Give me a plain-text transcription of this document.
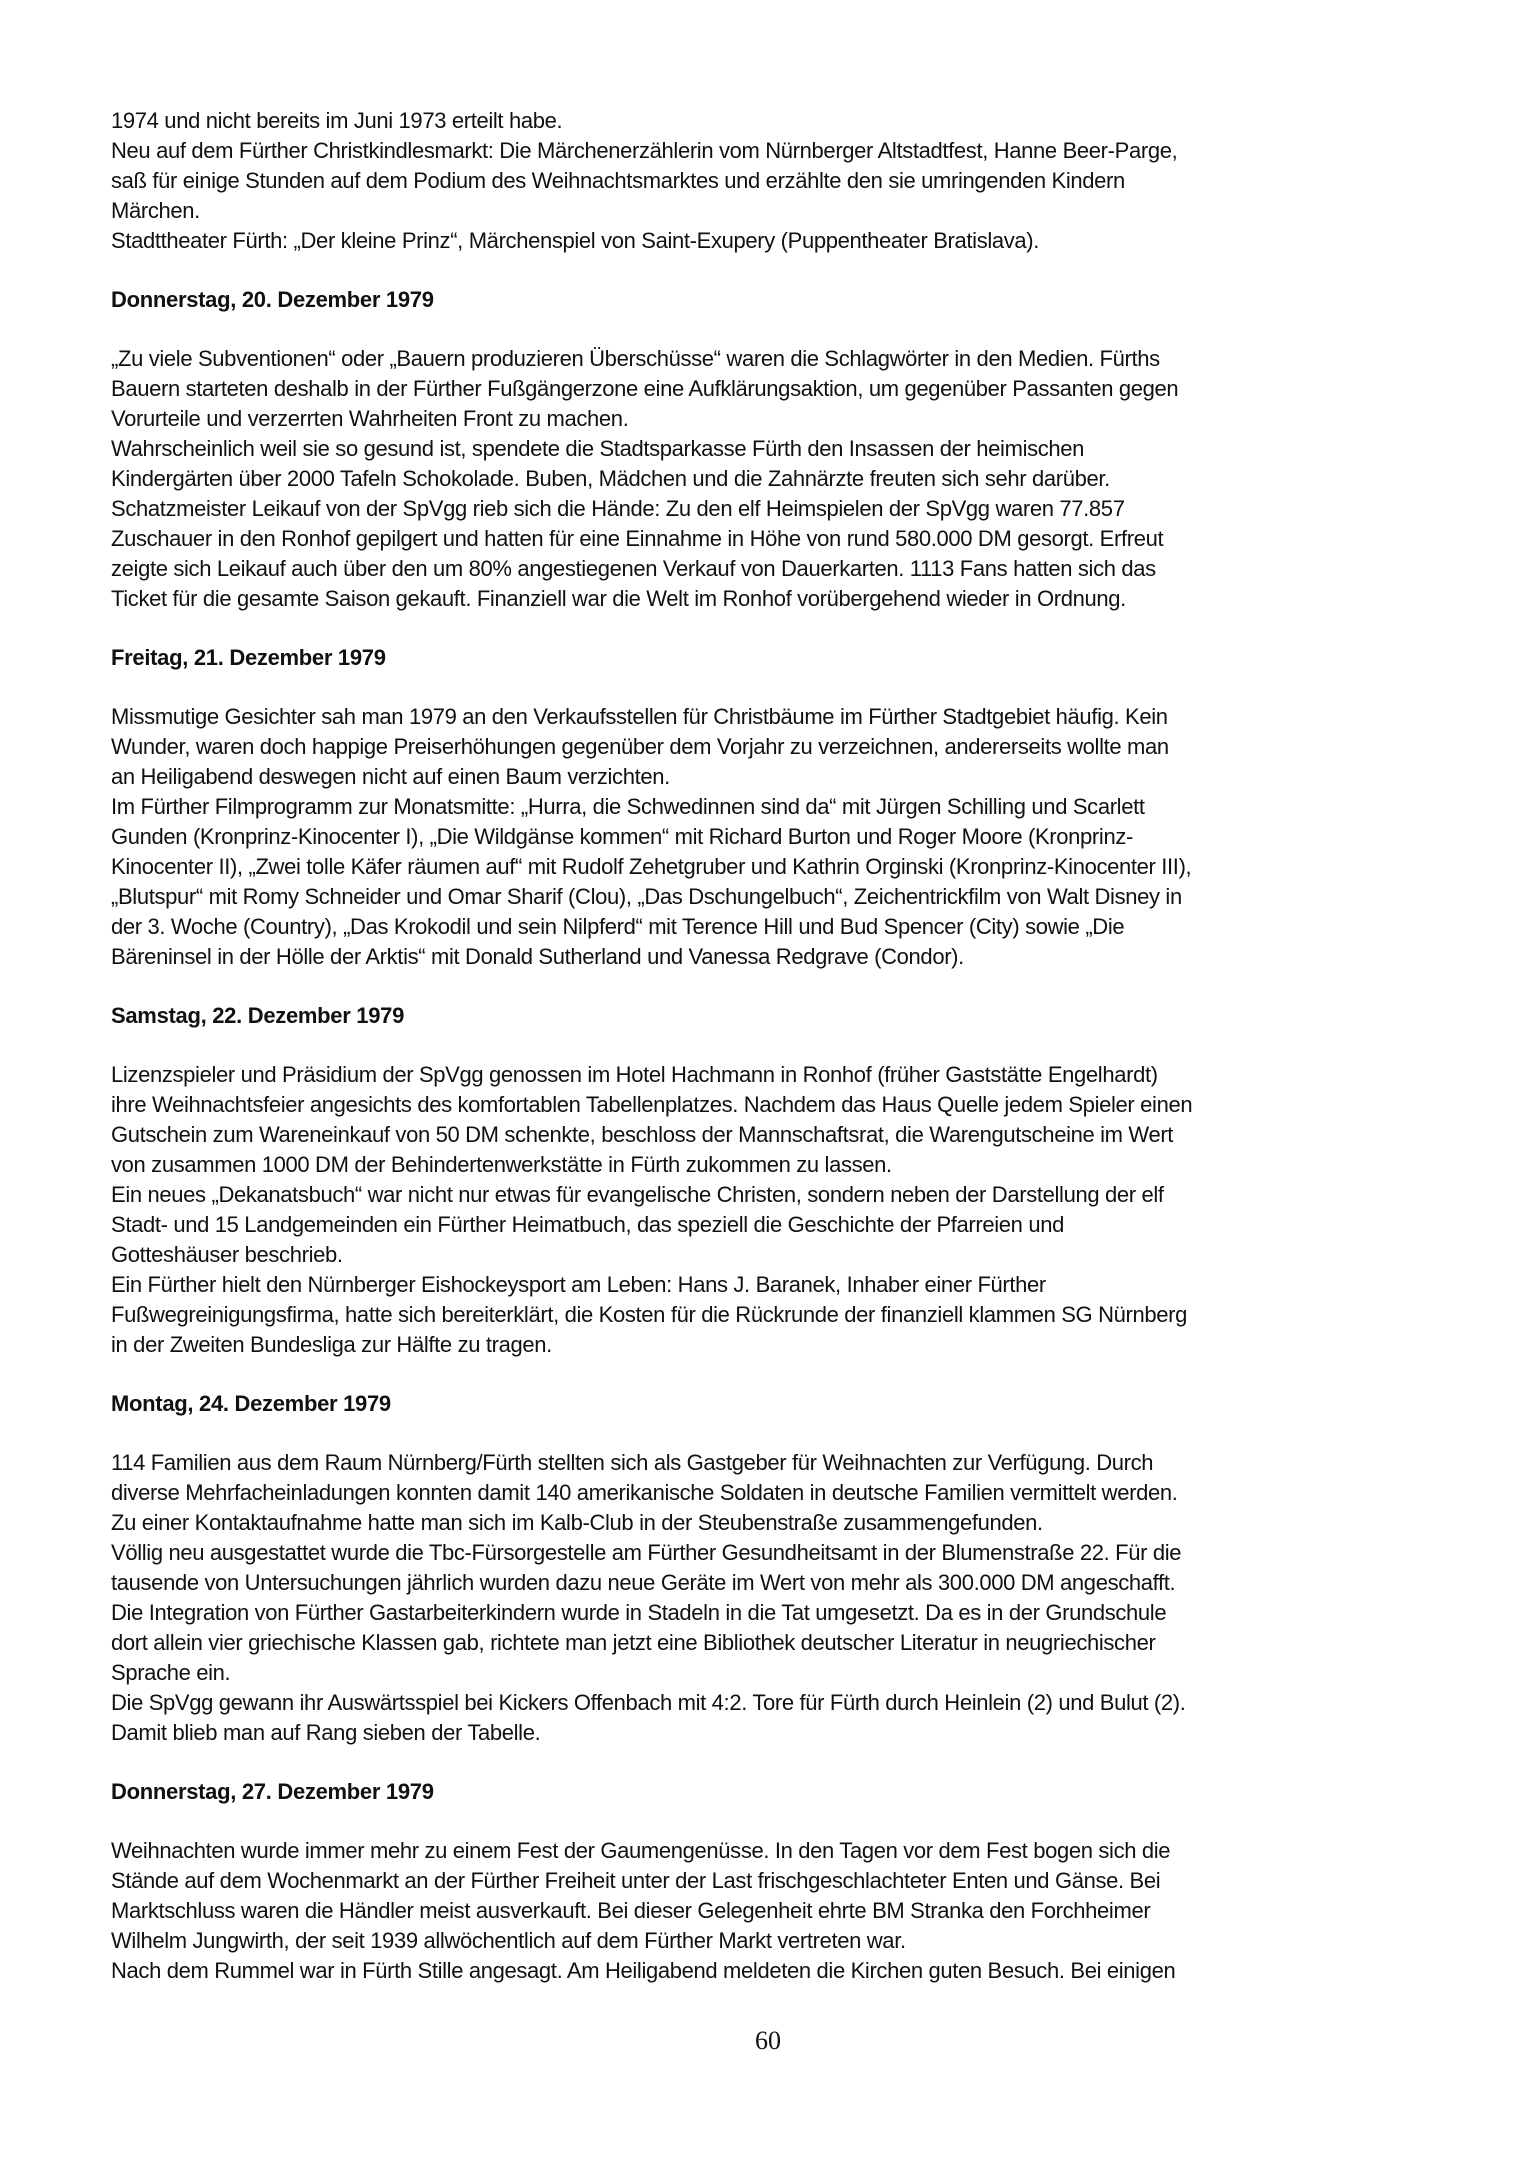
1974 und nicht bereits im Juni 1973 erteilt habe.
Neu auf dem Fürther Christkindlesmarkt: Die Märchenerzählerin vom Nürnberger Altstadtfest, Hanne Beer-Parge,
saß für einige Stunden auf dem Podium des Weihnachtsmarktes und erzählte den sie umringenden Kindern
Märchen.
Stadttheater Fürth: „Der kleine Prinz“, Märchenspiel von Saint-Exupery (Puppentheater Bratislava).
Donnerstag, 20. Dezember 1979
„Zu viele Subventionen“ oder „Bauern produzieren Überschüsse“ waren die Schlagwörter in den Medien. Fürths
Bauern starteten deshalb in der Fürther Fußgängerzone eine Aufklärungsaktion, um gegenüber Passanten gegen
Vorurteile und verzerrten Wahrheiten Front zu machen.
Wahrscheinlich weil sie so gesund ist, spendete die Stadtsparkasse Fürth den Insassen der heimischen
Kindergärten über 2000 Tafeln Schokolade. Buben, Mädchen und die Zahnärzte freuten sich sehr darüber.
Schatzmeister Leikauf von der SpVgg rieb sich die Hände: Zu den elf Heimspielen der SpVgg waren 77.857
Zuschauer in den Ronhof gepilgert und hatten für eine Einnahme in Höhe von rund 580.000 DM gesorgt. Erfreut
zeigte sich Leikauf auch über den um 80% angestiegenen Verkauf von Dauerkarten. 1113 Fans hatten sich das
Ticket für die gesamte Saison gekauft. Finanziell war die Welt im Ronhof vorübergehend wieder in Ordnung.
Freitag, 21. Dezember 1979
Missmutige Gesichter sah man 1979 an den Verkaufsstellen für Christbäume im Fürther Stadtgebiet häufig. Kein
Wunder, waren doch happige Preiserhöhungen gegenüber dem Vorjahr zu verzeichnen, andererseits wollte man
an Heiligabend deswegen nicht auf einen Baum verzichten.
Im Fürther Filmprogramm zur Monatsmitte: „Hurra, die Schwedinnen sind da“ mit Jürgen Schilling und Scarlett
Gunden (Kronprinz-Kinocenter I), „Die Wildgänse kommen“ mit Richard Burton und Roger Moore (Kronprinz-
Kinocenter II), „Zwei tolle Käfer räumen auf“ mit Rudolf Zehetgruber und Kathrin Orginski (Kronprinz-Kinocenter III),
„Blutspur“ mit Romy Schneider und Omar Sharif (Clou), „Das Dschungelbuch“, Zeichentrickfilm von Walt Disney in
der 3. Woche (Country), „Das Krokodil und sein Nilpferd“ mit Terence Hill und Bud Spencer (City) sowie „Die
Bäreninsel in der Hölle der Arktis“ mit Donald Sutherland und Vanessa Redgrave (Condor).
Samstag, 22. Dezember 1979
Lizenzspieler und Präsidium der SpVgg genossen im Hotel Hachmann in Ronhof (früher Gaststätte Engelhardt)
ihre Weihnachtsfeier angesichts des komfortablen Tabellenplatzes. Nachdem das Haus Quelle jedem Spieler einen
Gutschein zum Wareneinkauf von 50 DM schenkte, beschloss der Mannschaftsrat, die Warengutscheine im Wert
von zusammen 1000 DM der Behindertenwerkstätte in Fürth zukommen zu lassen.
Ein neues „Dekanatsbuch“ war nicht nur etwas für evangelische Christen, sondern neben der Darstellung der elf
Stadt- und 15 Landgemeinden ein Fürther Heimatbuch, das speziell die Geschichte der Pfarreien und
Gotteshäuser beschrieb.
Ein Fürther hielt den Nürnberger Eishockeysport am Leben: Hans J. Baranek, Inhaber einer Fürther
Fußwegreinigungsfirma, hatte sich bereiterklärt, die Kosten für die Rückrunde der finanziell klammen SG Nürnberg
in der Zweiten Bundesliga zur Hälfte zu tragen.
Montag, 24. Dezember 1979
114 Familien aus dem Raum Nürnberg/Fürth stellten sich als Gastgeber für Weihnachten zur Verfügung. Durch
diverse Mehrfacheinladungen konnten damit 140 amerikanische Soldaten in deutsche Familien vermittelt werden.
Zu einer Kontaktaufnahme hatte man sich im Kalb-Club in der Steubenstraße zusammengefunden.
Völlig neu ausgestattet wurde die Tbc-Fürsorgestelle am Fürther Gesundheitsamt in der Blumenstraße 22. Für die
tausende von Untersuchungen jährlich wurden dazu neue Geräte im Wert von mehr als 300.000 DM angeschafft.
Die Integration von Fürther Gastarbeiterkindern wurde in Stadeln in die Tat umgesetzt. Da es in der Grundschule
dort allein vier griechische Klassen gab, richtete man jetzt eine Bibliothek deutscher Literatur in neugriechischer
Sprache ein.
Die SpVgg gewann ihr Auswärtsspiel bei Kickers Offenbach mit 4:2. Tore für Fürth durch Heinlein (2) und Bulut (2).
Damit blieb man auf Rang sieben der Tabelle.
Donnerstag, 27. Dezember 1979
Weihnachten wurde immer mehr zu einem Fest der Gaumengenüsse. In den Tagen vor dem Fest bogen sich die
Stände auf dem Wochenmarkt an der Fürther Freiheit unter der Last frischgeschlachteter Enten und Gänse. Bei
Marktschluss waren die Händler meist ausverkauft. Bei dieser Gelegenheit ehrte BM Stranka den Forchheimer
Wilhelm Jungwirth, der seit 1939 allwöchentlich auf dem Fürther Markt vertreten war.
Nach dem Rummel war in Fürth Stille angesagt. Am Heiligabend meldeten die Kirchen guten Besuch. Bei einigen
60
